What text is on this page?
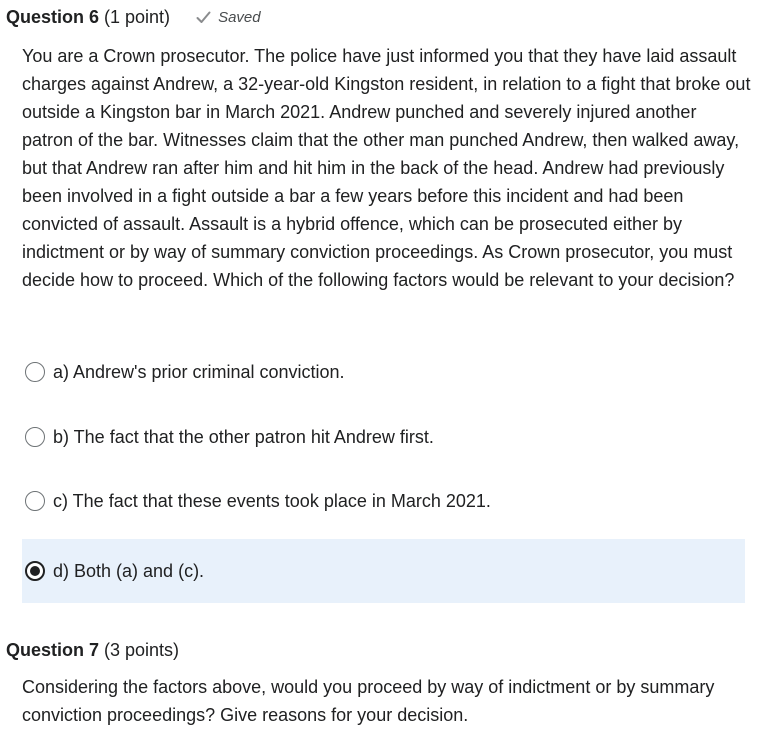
Question 6 (1 point)	Saved

You are a Crown prosecutor. The police have just informed you that they have laid assault charges against Andrew, a 32-year-old Kingston resident, in relation to a fight that broke out outside a Kingston bar in March 2021. Andrew punched and severely injured another patron of the bar. Witnesses claim that the other man punched Andrew, then walked away, but that Andrew ran after him and hit him in the back of the head. Andrew had previously been involved in a fight outside a bar a few years before this incident and had been convicted of assault. Assault is a hybrid offence, which can be prosecuted either by indictment or by way of summary conviction proceedings. As Crown prosecutor, you must decide how to proceed. Which of the following factors would be relevant to your decision?

a) Andrew's prior criminal conviction.
b) The fact that the other patron hit Andrew first.
c) The fact that these events took place in March 2021.
d) Both (a) and (c).
Question 7 (3 points)

Considering the factors above, would you proceed by way of indictment or by summary conviction proceedings? Give reasons for your decision.
